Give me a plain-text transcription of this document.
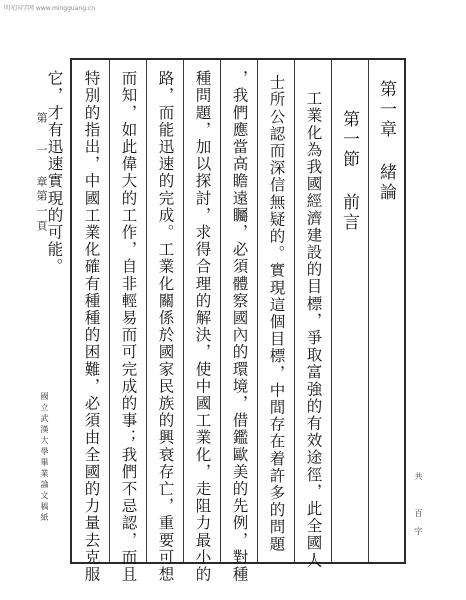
明光国学网 www.mingguang.cn
第 一 章
第一頁
國立武漢大學畢業論文稿紙	共 百字
第一章 緒論
第一節 前言
工業化為我國經濟建設的目標，爭取富強的有效途徑，此全國人
士所公認而深信無疑的。實現這個目標，中間存在着許多的問題
，我們應當高瞻遠矚，必須體察國內的環境，借鑑歐美的先例，對種
種問題，加以探討，求得合理的解決，使中國工業化，走阻力最小的
路，而能迅速的完成。工業化關係於國家民族的興衰存亡，重要可想
而知，如此偉大的工作，自非輕易而可完成的事；我們不忌認，而且
特別的指出，中國工業化確有種種的困難，必須由全國的力量去克服
它，才有迅速實現的可能。
